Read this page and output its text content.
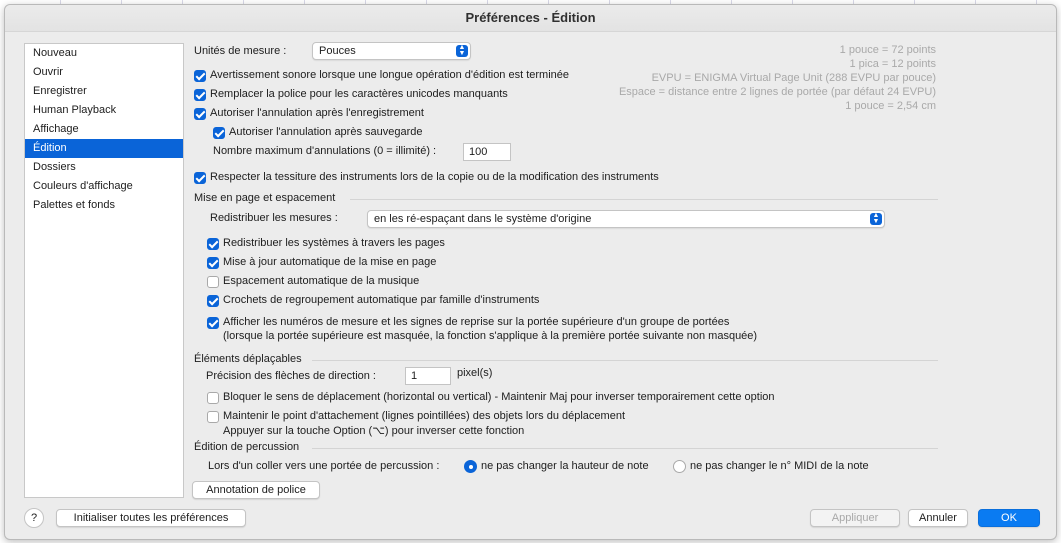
Préférences - Édition
Nouveau
Ouvrir
Enregistrer
Human Playback
Affichage
Édition
Dossiers
Couleurs d'affichage
Palettes et fonds
Unités de mesure :	Pouces	▲
▼	1 pouce = 72 points
1 pica = 12 points
EVPU = ENIGMA Virtual Page Unit (288 EVPU par pouce)
Espace = distance entre 2 lignes de portée (par défaut 24 EVPU)
1 pouce = 2,54 cm
Avertissement sonore lorsque une longue opération d'édition est terminée
Remplacer la police pour les caractères unicodes manquants
Autoriser l'annulation après l'enregistrement
Autoriser l'annulation après sauvegarde
Nombre maximum d'annulations (0 = illimité) :	100
Respecter la tessiture des instruments lors de la copie ou de la modification des instruments
Mise en page et espacement
Redistribuer les mesures :	en les ré-espaçant dans le système d'origine	▲
▼
Redistribuer les systèmes à travers les pages
Mise à jour automatique de la mise en page
Espacement automatique de la musique
Crochets de regroupement automatique par famille d'instruments
Afficher les numéros de mesure et les signes de reprise sur la portée supérieure d'un groupe de portées
(lorsque la portée supérieure est masquée, la fonction s'applique à la première portée suivante non masquée)
Éléments déplaçables
Précision des flèches de direction :	1	pixel(s)
Bloquer le sens de déplacement (horizontal ou vertical) - Maintenir Maj pour inverser temporairement cette option
Maintenir le point d'attachement (lignes pointillées) des objets lors du déplacement
Appuyer sur la touche Option (⌥) pour inverser cette fonction
Édition de percussion
Lors d'un coller vers une portée de percussion :	ne pas changer la hauteur de note	ne pas changer le n° MIDI de la note
Annotation de police
?	Initialiser toutes les préférences	Appliquer	Annuler	OK
